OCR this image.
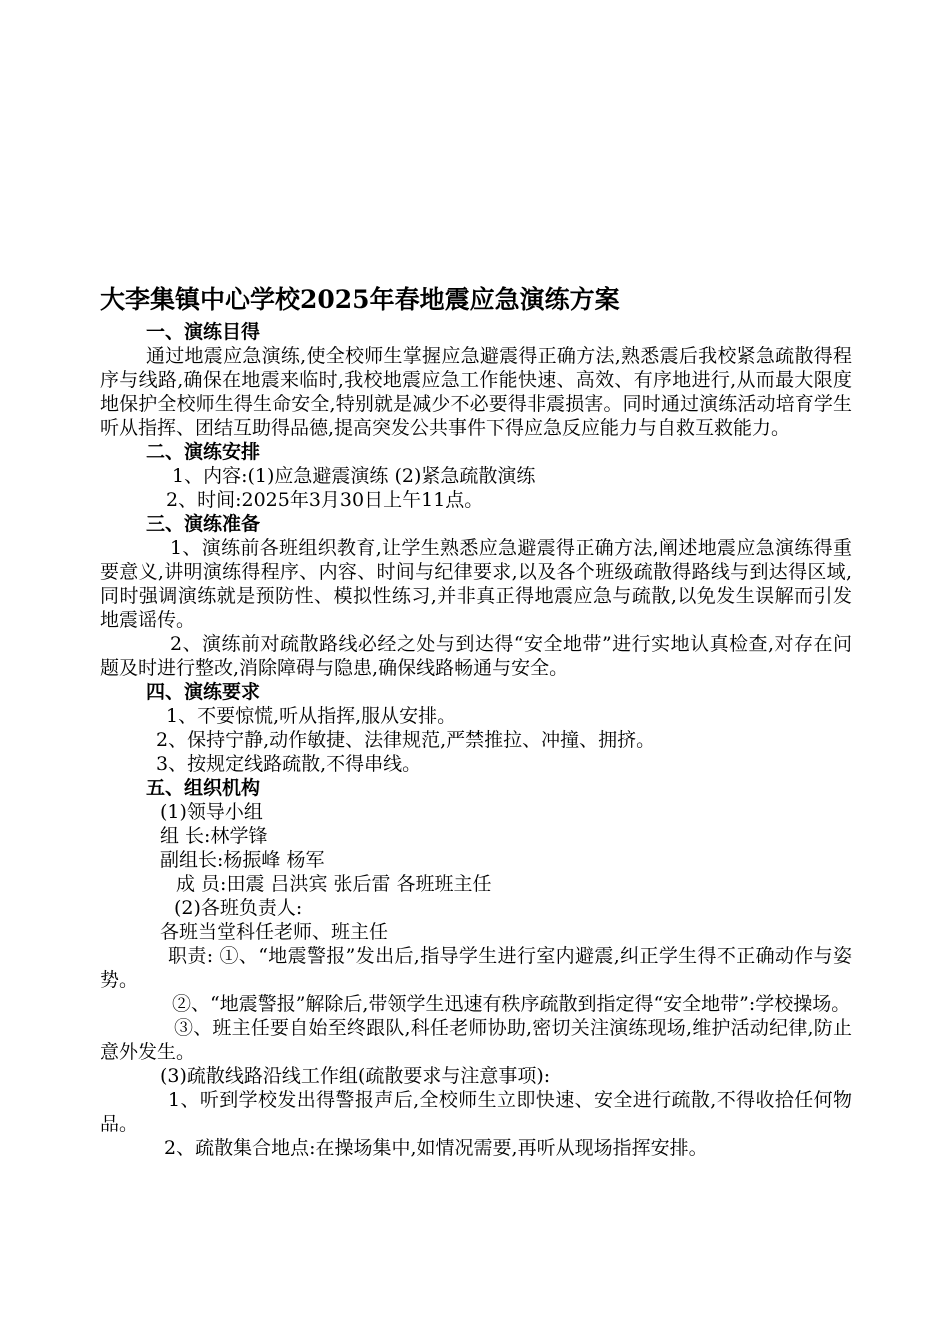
大李集镇中心学校2025年春地震应急演练方案
一、演练目得
通过地震应急演练,使全校师生掌握应急避震得正确方法,熟悉震后我校紧急疏散得程序与线路,确保在地震来临时,我校地震应急工作能快速、高效、有序地进行,从而最大限度地保护全校师生得生命安全,特别就是减少不必要得非震损害。同时通过演练活动培育学生听从指挥、团结互助得品德,提高突发公共事件下得应急反应能力与自救互救能力。
二、演练安排
1、内容:(1)应急避震演练 (2)紧急疏散演练
2、时间:2025年3月30日上午11点。
三、演练准备
1、演练前各班组织教育,让学生熟悉应急避震得正确方法,阐述地震应急演练得重要意义,讲明演练得程序、内容、时间与纪律要求,以及各个班级疏散得路线与到达得区域,同时强调演练就是预防性、模拟性练习,并非真正得地震应急与疏散,以免发生误解而引发地震谣传。
2、演练前对疏散路线必经之处与到达得“安全地带”进行实地认真检查,对存在问题及时进行整改,消除障碍与隐患,确保线路畅通与安全。
四、演练要求
1、不要惊慌,听从指挥,服从安排。
2、保持宁静,动作敏捷、法律规范,严禁推拉、冲撞、拥挤。
3、按规定线路疏散,不得串线。
五、组织机构
(1)领导小组
组 长:林学锋
副组长:杨振峰 杨军
成 员:田震 吕洪宾 张后雷 各班班主任
(2)各班负责人:
各班当堂科任老师、班主任
职责: ①、“地震警报”发出后,指导学生进行室内避震,纠正学生得不正确动作与姿势。
②、“地震警报”解除后,带领学生迅速有秩序疏散到指定得“安全地带”:学校操场。
③、班主任要自始至终跟队,科任老师协助,密切关注演练现场,维护活动纪律,防止意外发生。
(3)疏散线路沿线工作组(疏散要求与注意事项):
1、听到学校发出得警报声后,全校师生立即快速、安全进行疏散,不得收拾任何物品。
2、疏散集合地点:在操场集中,如情况需要,再听从现场指挥安排。
